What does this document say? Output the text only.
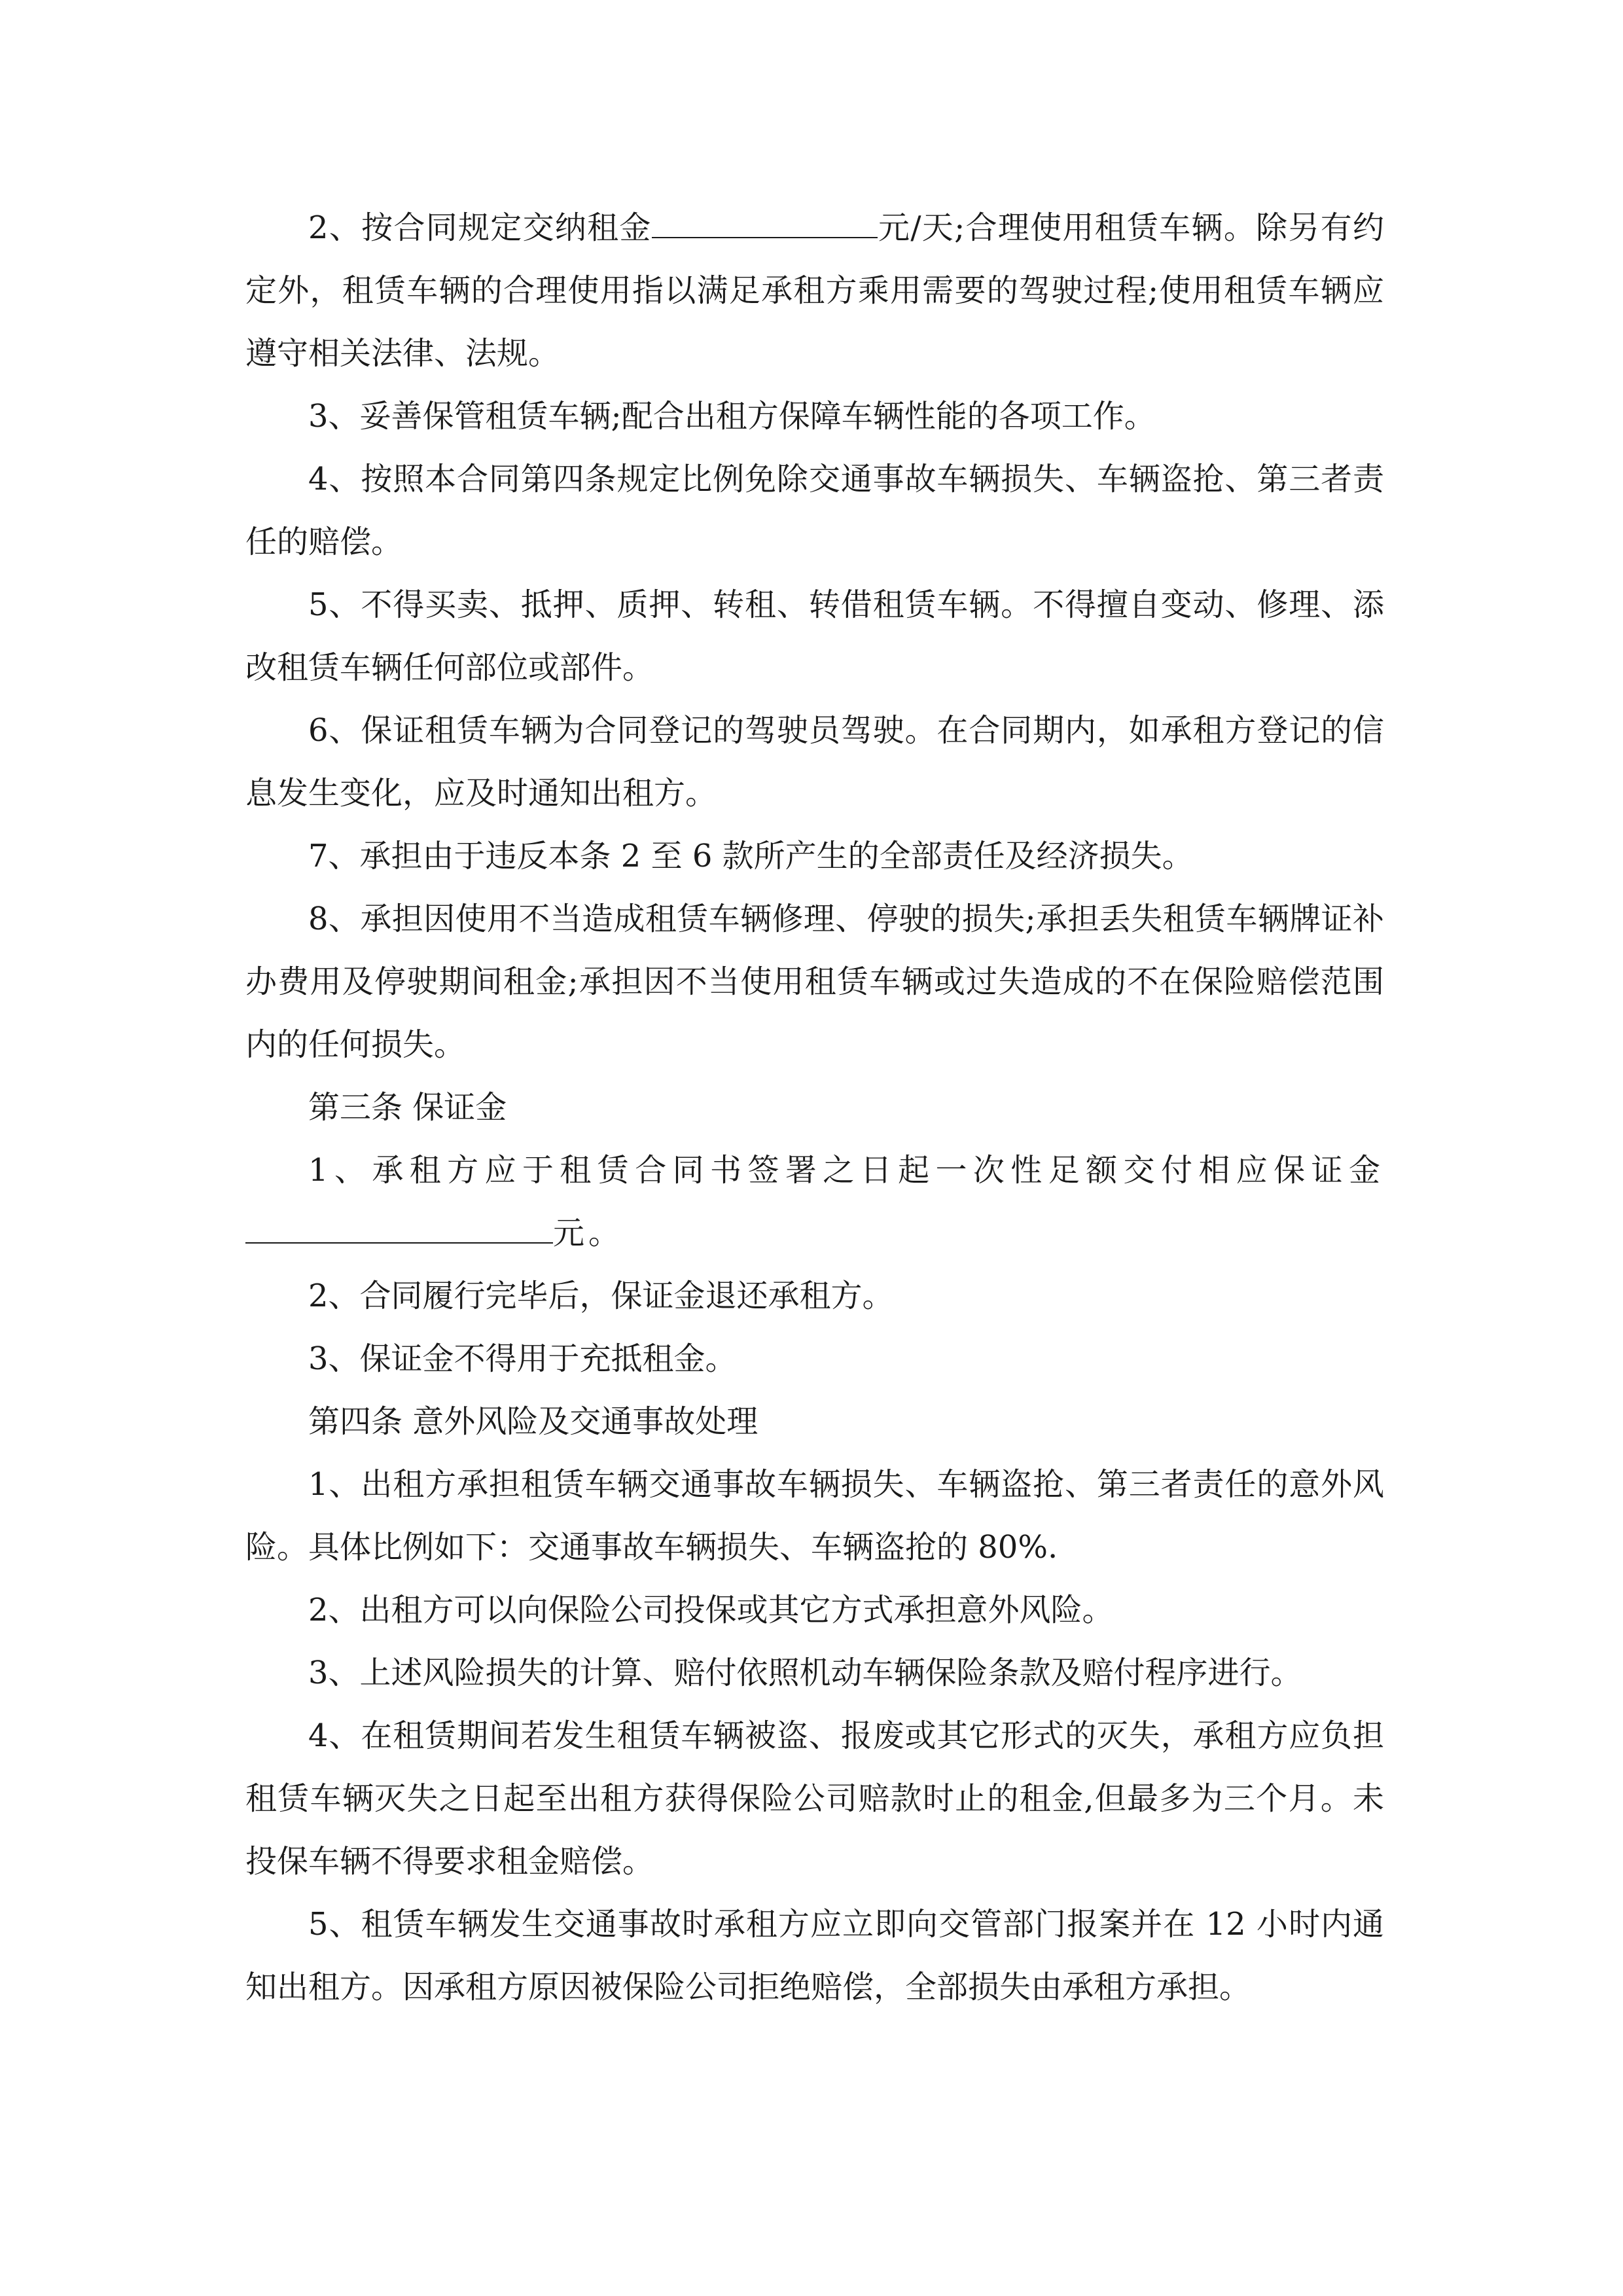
2、按合同规定交纳租金	元/天;合理使用租赁车辆。除另有约定外，租赁车辆的合理使用指以满足承租方乘用需要的驾驶过程;使用租赁车辆应遵守相关法律、法规。

3、妥善保管租赁车辆;配合出租方保障车辆性能的各项工作。

4、按照本合同第四条规定比例免除交通事故车辆损失、车辆盗抢、第三者责任的赔偿。

5、不得买卖、抵押、质押、转租、转借租赁车辆。不得擅自变动、修理、添改租赁车辆任何部位或部件。

6、保证租赁车辆为合同登记的驾驶员驾驶。在合同期内，如承租方登记的信息发生变化，应及时通知出租方。

7、承担由于违反本条 2 至 6 款所产生的全部责任及经济损失。

8、承担因使用不当造成租赁车辆修理、停驶的损失;承担丢失租赁车辆牌证补办费用及停驶期间租金;承担因不当使用租赁车辆或过失造成的不在保险赔偿范围内的任何损失。

第三条 保证金

1、承租方应于租赁合同书签署之日起一次性足额交付相应保证金元。

2、合同履行完毕后，保证金退还承租方。

3、保证金不得用于充抵租金。

第四条 意外风险及交通事故处理

1、出租方承担租赁车辆交通事故车辆损失、车辆盗抢、第三者责任的意外风险。具体比例如下：交通事故车辆损失、车辆盗抢的 80%.

2、出租方可以向保险公司投保或其它方式承担意外风险。

3、上述风险损失的计算、赔付依照机动车辆保险条款及赔付程序进行。

4、在租赁期间若发生租赁车辆被盗、报废或其它形式的灭失，承租方应负担租赁车辆灭失之日起至出租方获得保险公司赔款时止的租金,但最多为三个月。未投保车辆不得要求租金赔偿。

5、租赁车辆发生交通事故时承租方应立即向交管部门报案并在 12 小时内通知出租方。因承租方原因被保险公司拒绝赔偿，全部损失由承租方承担。
